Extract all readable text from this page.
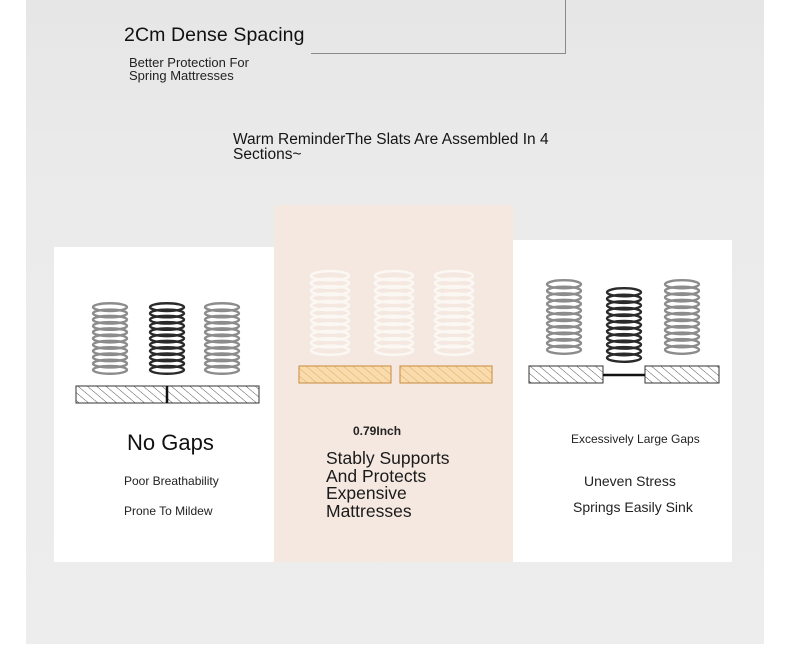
2Cm Dense Spacing
Better Protection For Spring Mattresses
Warm ReminderThe Slats Are Assembled In 4 Sections~
No Gaps
Poor Breathability
Prone To Mildew
0.79Inch
Stably Supports
And Protects
Expensive
Mattresses
Excessively Large Gaps
Uneven Stress
Springs Easily Sink
